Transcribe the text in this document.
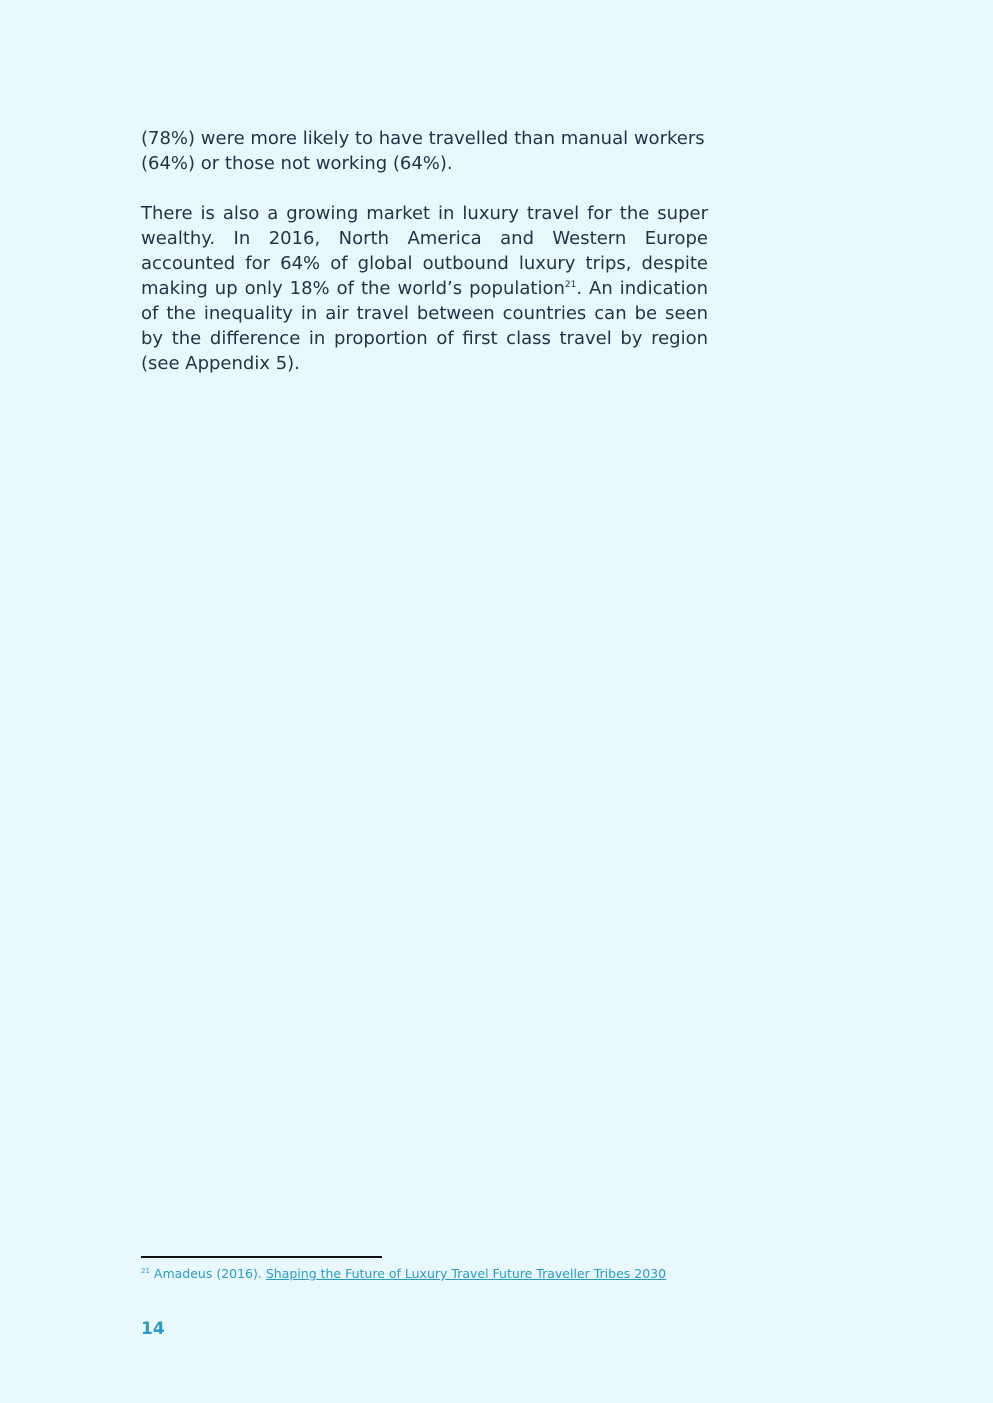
(78%) were more likely to have travelled than manual workers (64%) or those not working (64%).

There is also a growing market in luxury travel for the super wealthy. In 2016, North America and Western Europe accounted for 64% of global outbound luxury trips, despite making up only 18% of the world’s population$^{21}$. An indication of the inequality in air travel between countries can be seen by the difference in proportion of first class travel by region (see Appendix 5).

$^{21}$ Amadeus (2016). Shaping the Future of Luxury Travel Future Traveller Tribes 2030
14
